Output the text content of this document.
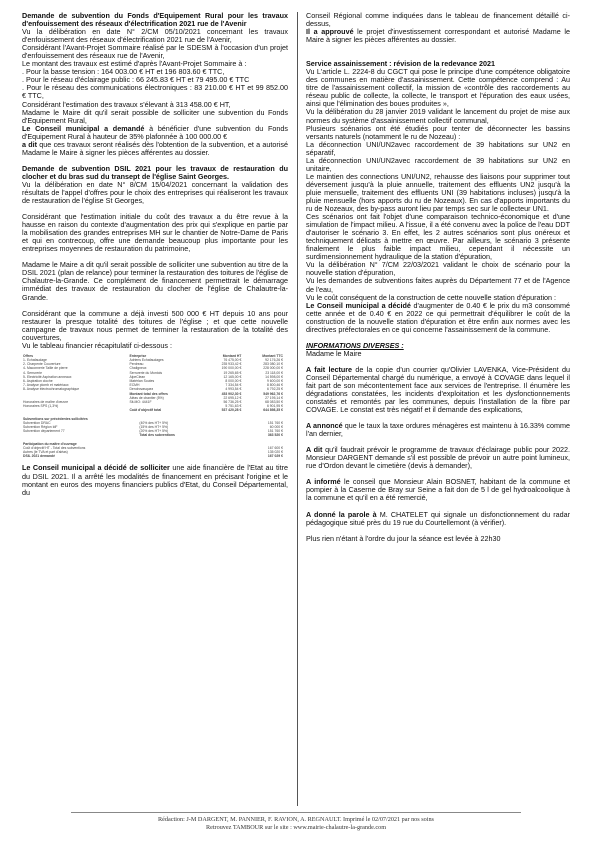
Demande de subvention du Fonds d'Equipement Rural pour les travaux d'enfouissement des réseaux d'électrification 2021 rue de l'Avenir

Vu la délibération en date N° 2/CM 05/10/2021 concernant les travaux d'enfouissement des réseaux d'électrification 2021 rue de l'Avenir,

Considérant l'Avant-Projet Sommaire réalisé par le SDESM à l'occasion d'un projet d'enfouissement des réseaux rue de l'Avenir,

Le montant des travaux est estimé d'après l'Avant-Projet Sommaire à :

. Pour la basse tension : 164 003.00 € HT et 196 803.60 € TTC,

. Pour le réseau d'éclairage public : 66 245.83 € HT et 79 495.00 € TTC

. Pour le réseau des communications électroniques : 83 210.00 € HT et 99 852.00 € TTC,

Considérant l'estimation des travaux s'élevant à 313 458.00 € HT,

Madame le Maire dit qu'il serait possible de solliciter une subvention du Fonds d'Equipement Rural,

Le Conseil municipal a demandé à bénéficier d'une subvention du Fonds d'Equipement Rural à hauteur de 35% plafonnée à 100 000.00 €

a dit que ces travaux seront réalisés dès l'obtention de la subvention, et a autorisé Madame le Maire à signer les pièces afférentes au dossier.

Demande de subvention DSIL 2021 pour les travaux de restauration du clocher et du bras sud du transept de l'église Saint Georges.

Vu la délibération en date N° 8/CM 15/04/2021 concernant la validation des résultats de l'appel d'offres pour le choix des entreprises qui réaliseront les travaux de restauration de l'église St Georges,

Considérant que l'estimation initiale du coût des travaux a du être revue à la hausse en raison du contexte d'augmentation des prix qui s'explique en partie par la mobilisation des grandes entreprises MH sur le chantier de Notre-Dame de Paris et qui en contrecoup, offre une demande beaucoup plus importante pour les entreprises moyennes de restauration du patrimoine,

Madame le Maire a dit qu'il serait possible de solliciter une subvention au titre de la DSIL 2021 (plan de relance) pour terminer la restauration des toitures de l'église de Chalautre-la-Grande. Ce complément de financement permettrait le démarrage immédiat des travaux de restauration du clocher de l'église de Chalautre-la-Grande.

Considérant que la commune a déjà investi 500 000 € HT depuis 10 ans pour restaurer la presque totalité des toitures de l'église ; et que cette nouvelle campagne de travaux nous permet de terminer la restauration de la totalité des couvertures,

Vu le tableau financier récapitulatif ci-dessous :

Offres	Entreprise	Montant HT	Montant TTC
1- Echafaudage	Adriens Echafaudages	76 475,00 €	92 176,26 €
2- Charpente Couverture	Perdreau	235 933,42 €	283 080,10 €
4- Maconnerie Taille de pierre	Chaligneux	190 000,00 €	228 000,00 €
4- Serrurerie	Serrurerie du Montois	19 265,65 €	23 118,00 €
5- Electricité Aspiration anneaux	AlpeClean	12 165,00 €	14 598,00 €
6- Aspiration cloche	Matérlan Soutes	8 000,00 €	9 600,00 €
7- Analyse plomb et matériaux	ECMH	7 334,54 €	8 800,46 €
8- Analyse électrochromatographique	Dendrovasquez	4 993,54 €	6 792,25 €
	Montant total des offres	453 902,30 €	549 962,76 €
	Aléas de chantier (5%)	22 695,12 €	27 195,14 €
Honoraires de maître d'œuvre	Sit-MO: 4441F	56 736,25 €	68 083,50 €
Honoraires SPS (1,3%)		5 751,63 €	6 901,95 €
	Coût d'objectif total	537 420,28 €	644 898,35 €
Subventions sur précédentes sollicitées		
Subvention DRAC	(40% des HT+ 5%)	151 760 €
Subvention Région IdF	(15% des HT+ 5%)	60 000 €
Subvention département 77	(20% des HT+ 5%)	151 760 €
	Total des subventions	363 520 €
Participation du maître d'ouvrage	
Coût d'objectif HT - Total des subventions	167 600 €
Autres (le TVA et part d'aléas)	135 020 €
DSIL 2021 demandé	167 029 €

Le Conseil municipal a décidé de solliciter une aide financière de l'Etat au titre du DSIL 2021. Il a arrêté les modalités de financement en précisant l'origine et le montant en euros des moyens financiers publics d'Etat, du Conseil Départemental, du

Conseil Régional comme indiquées dans le tableau de financement détaillé ci-dessus,

Il a approuvé le projet d'investissement correspondant et autorisé Madame le Maire à signer les pièces afférentes au dossier.

Service assainissement : révision de la redevance 2021

Vu L'article L. 2224-8 du CGCT qui pose le principe d'une compétence obligatoire des communes en matière d'assainissement. Cette compétence comprend : Au titre de l'assainissement collectif, la mission de «contrôle des raccordements au réseau public de collecte, la collecte, le transport et l'épuration des eaux usées, ainsi que l'élimination des boues produites »,

Vu la délibération du 28 janvier 2019 validant le lancement du projet de mise aux normes du système d'assainissement collectif communal,

Plusieurs scénarios ont été étudiés pour tenter de déconnecter les bassins versants naturels (notamment le ru de Nozeau) :

La déconnection UNI/UN2avec raccordement de 39 habitations sur UN2 en séparatif,

La déconnection UNI/UN2avec raccordement de 39 habitations sur UN2 en unitaire,

Le maintien des connections UNI/UN2, rehausse des liaisons pour supprimer tout déversement jusqu'à la pluie annuelle, traitement des effluents UN2 jusqu'à la pluie mensuelle, traitement des effluents UNI (39 habitations incluses) jusqu'à la pluie mensuelle (hors apports du ru de Nozeaux). En cas d'apports importants du ru de Nozeaux, des by-pass auront lieu par temps sec sur le collecteur UN1.

Ces scénarios ont fait l'objet d'une comparaison technico-économique et d'une simulation de l'impact milieu. A l'issue, il a été convenu avec la police de l'eau DDT d'autoriser le scénario 3. En effet, les 2 autres scénarios sont plus onéreux et techniquement délicats à mettre en œuvre. Par ailleurs, le scénario 3 présente finalement le plus faible impact milieu, cependant il nécessite un surdimensionnement hydraulique de la station d'épuration,

Vu la délibération N° 7/CM 22/03/2021 validant le choix de scénario pour la nouvelle station d'épuration,

Vu les demandes de subventions faites auprès du Département 77 et de l'Agence de l'eau,

Vu le coût conséquent de la construction de cette nouvelle station d'épuration :

Le Conseil municipal a décidé d'augmenter de 0.40 € le prix du m3 consommé cette année et de 0.40 € en 2022 ce qui permettrait d'équilibrer le coût de la construction de la nouvelle station d'épuration et être enfin aux normes avec les directives préfectorales en ce qui concerne l'assainissement de la commune.

INFORMATIONS DIVERSES :

Madame le Maire

A fait lecture de la copie d'un courrier qu'Olivier LAVENKA, Vice-Président du Conseil Départemental chargé du numérique, a envoyé à COVAGE dans lequel il fait part de son mécontentement face aux services de l'entreprise. Il énumère les dégradations constatées, les incidents d'exploitation et les dysfonctionnements constatés et remontés par les communes, depuis l'installation de la fibre par COVAGE. Le constat est très négatif et il demande des explications,

A annoncé que le taux la taxe ordures ménagères est maintenu à 16.33% comme l'an dernier,

A dit qu'il faudrait prévoir le programme de travaux d'éclairage public pour 2022. Monsieur DARGENT demande s'il est possible de prévoir un autre point lumineux, rue d'Ordon devant le cimetière (devis à demander),

A informé le conseil que Monsieur Alain BOSNET, habitant de la commune et pompier à la Caserne de Bray sur Seine a fait don de 5 l de gel hydroalcoolique à la commune et qu'il en a été remercié,

A donné la parole à M. CHATELET qui signale un disfonctionnement du radar pédagogique situé près du 19 rue du Courtellemont (à vérifier).

Plus rien n'étant à l'ordre du jour la séance est levée à 22h30

Rédaction: J-M DARGENT, M. PANNIER, F. RAVION, A. REGNAULT. Imprimé le 02/07/2021 par nos soins
Retrouvez TAMBOUR sur le site : www.mairie-chalautre-la-grande.com
